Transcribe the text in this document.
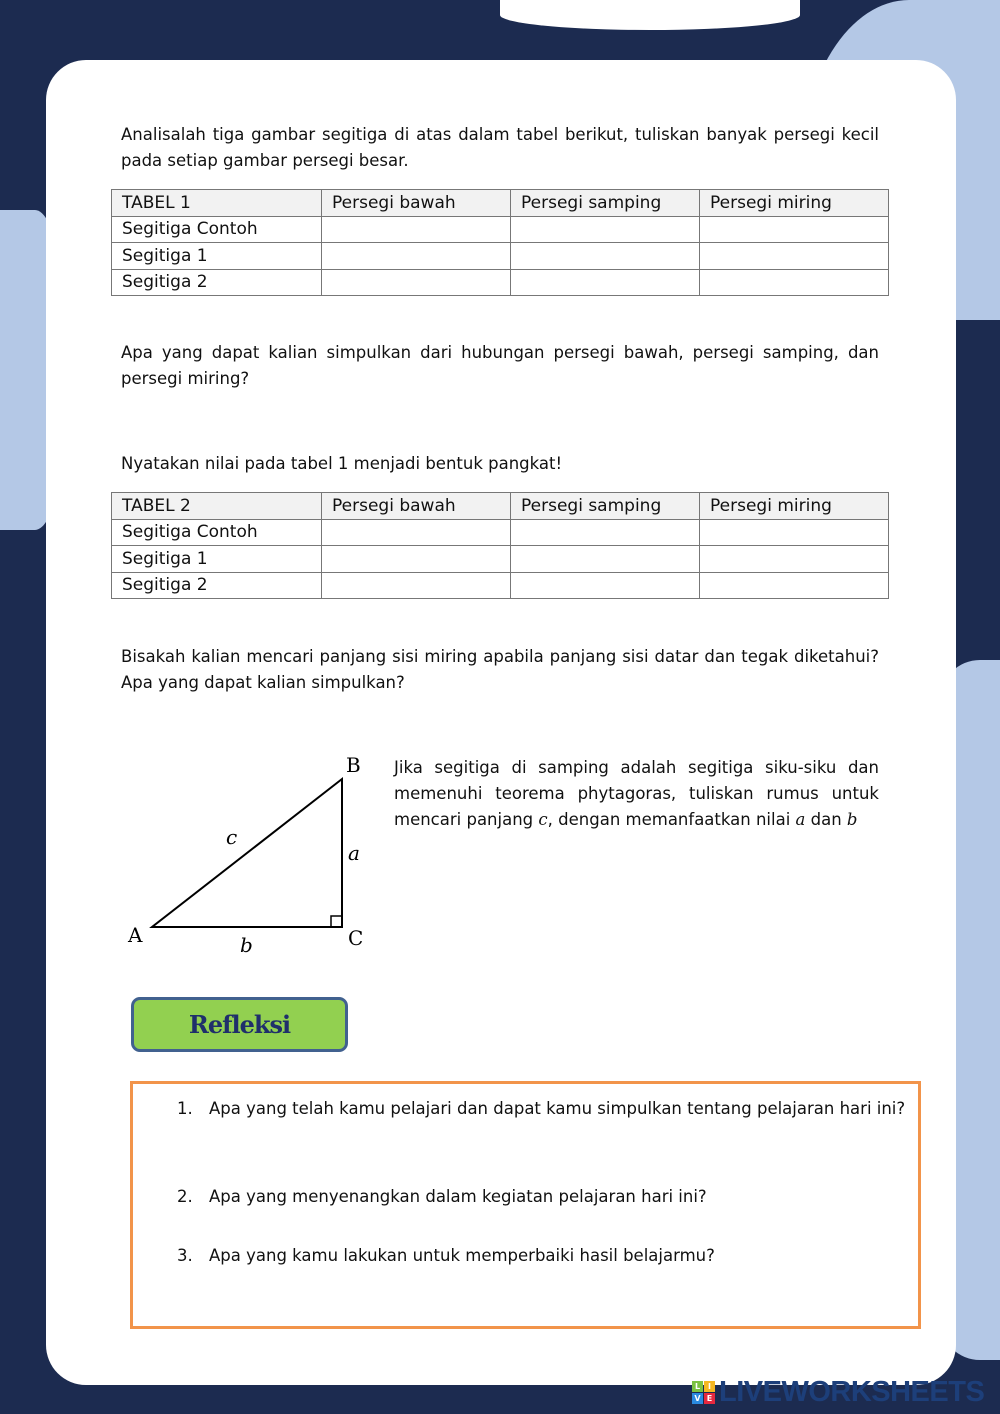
Analisalah tiga gambar segitiga di atas dalam tabel berikut, tuliskan banyak persegi kecil pada setiap gambar persegi besar.
TABEL 1	Persegi bawah	Persegi samping	Persegi miring
Segitiga Contoh			
Segitiga 1			
Segitiga 2			
Apa yang dapat kalian simpulkan dari hubungan persegi bawah, persegi samping, dan persegi miring?
Nyatakan nilai pada tabel 1 menjadi bentuk pangkat!
TABEL 2	Persegi bawah	Persegi samping	Persegi miring
Segitiga Contoh			
Segitiga 1			
Segitiga 2			
Bisakah kalian mencari panjang sisi miring apabila panjang sisi datar dan tegak diketahui? Apa yang dapat kalian simpulkan?
A
B
C
a
b
c
Jika segitiga di samping adalah segitiga siku-siku dan memenuhi teorema phytagoras, tuliskan rumus untuk mencari panjang c, dengan memanfaatkan nilai a dan b
Refleksi
1. Apa yang telah kamu pelajari dan dapat kamu simpulkan tentang pelajaran hari ini?
2. Apa yang menyenangkan dalam kegiatan pelajaran hari ini?
3. Apa yang kamu lakukan untuk memperbaiki hasil belajarmu?
L I
V E LIVEWORKSHEETS
